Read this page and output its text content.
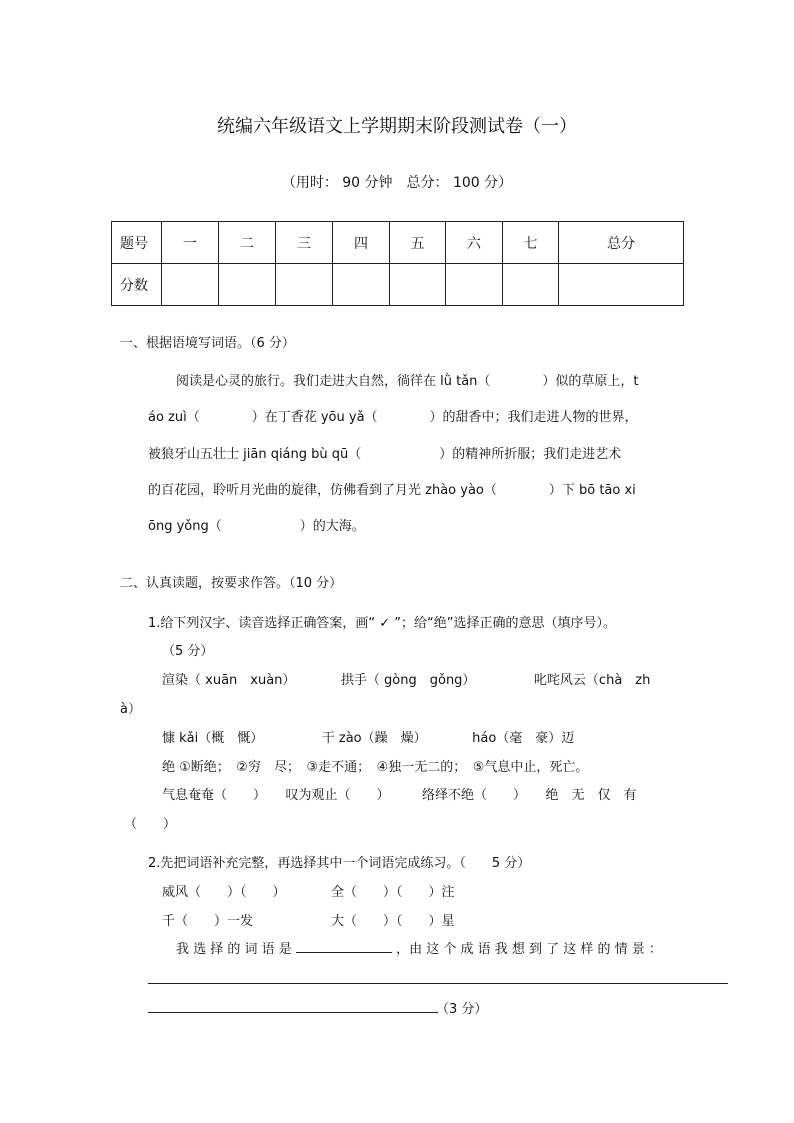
统编六年级语文上学期期末阶段测试卷（一）
（用时： 90 分钟　总分： 100 分）
题号	一	二	三	四	五	六	七	总分
分数								
一、根据语境写词语。（6 分）
阅读是心灵的旅行。我们走进大自然，徜徉在 lǜ tǎn（　　　　）似的草原上，t
áo zuì（　　　　）在丁香花 yōu yǎ（　　　　）的甜香中；我们走进人物的世界，
被狼牙山五壮士 jiān qiáng bù qū（　　　　　　）的精神所折服；我们走进艺术
的百花园，聆听月光曲的旋律，仿佛看到了月光 zhào yào（　　　　）下 bō tāo xi
ōng yǒng（　　　　　　）的大海。
二、认真读题，按要求作答。（10 分）
1.给下列汉字、读音选择正确答案，画“ ✓ ”；给“绝”选择正确的意思（填序号）。
（5 分）
渲染（ xuān　xuàn）　　　　拱手（ gòng　gǒng）　　　　　叱咤风云（chà　zh
à）
慷 kǎi（概　慨）　　　　　干 zào（躁　燥）　　　　háo（毫　豪）迈
绝 ①断绝；　②穷　尽；　③走不通；　④独一无二的；　⑤气息中止，死亡。
气息奄奄（　　）　　叹为观止（　　）　　　络绎不绝（　　）　　绝　无　仅　有
（　　）
2.先把词语补充完整，再选择其中一个词语完成练习。（　　5 分）
威风（　　）（　　）　　　　全（　　）（　　）注
千（　　）一发　　　　　　大（　　）（　　）星
我 选 择 的 词 语 是	，由 这 个 成 语 我 想 到 了 这 样 的 情 景 ：
（3 分）
